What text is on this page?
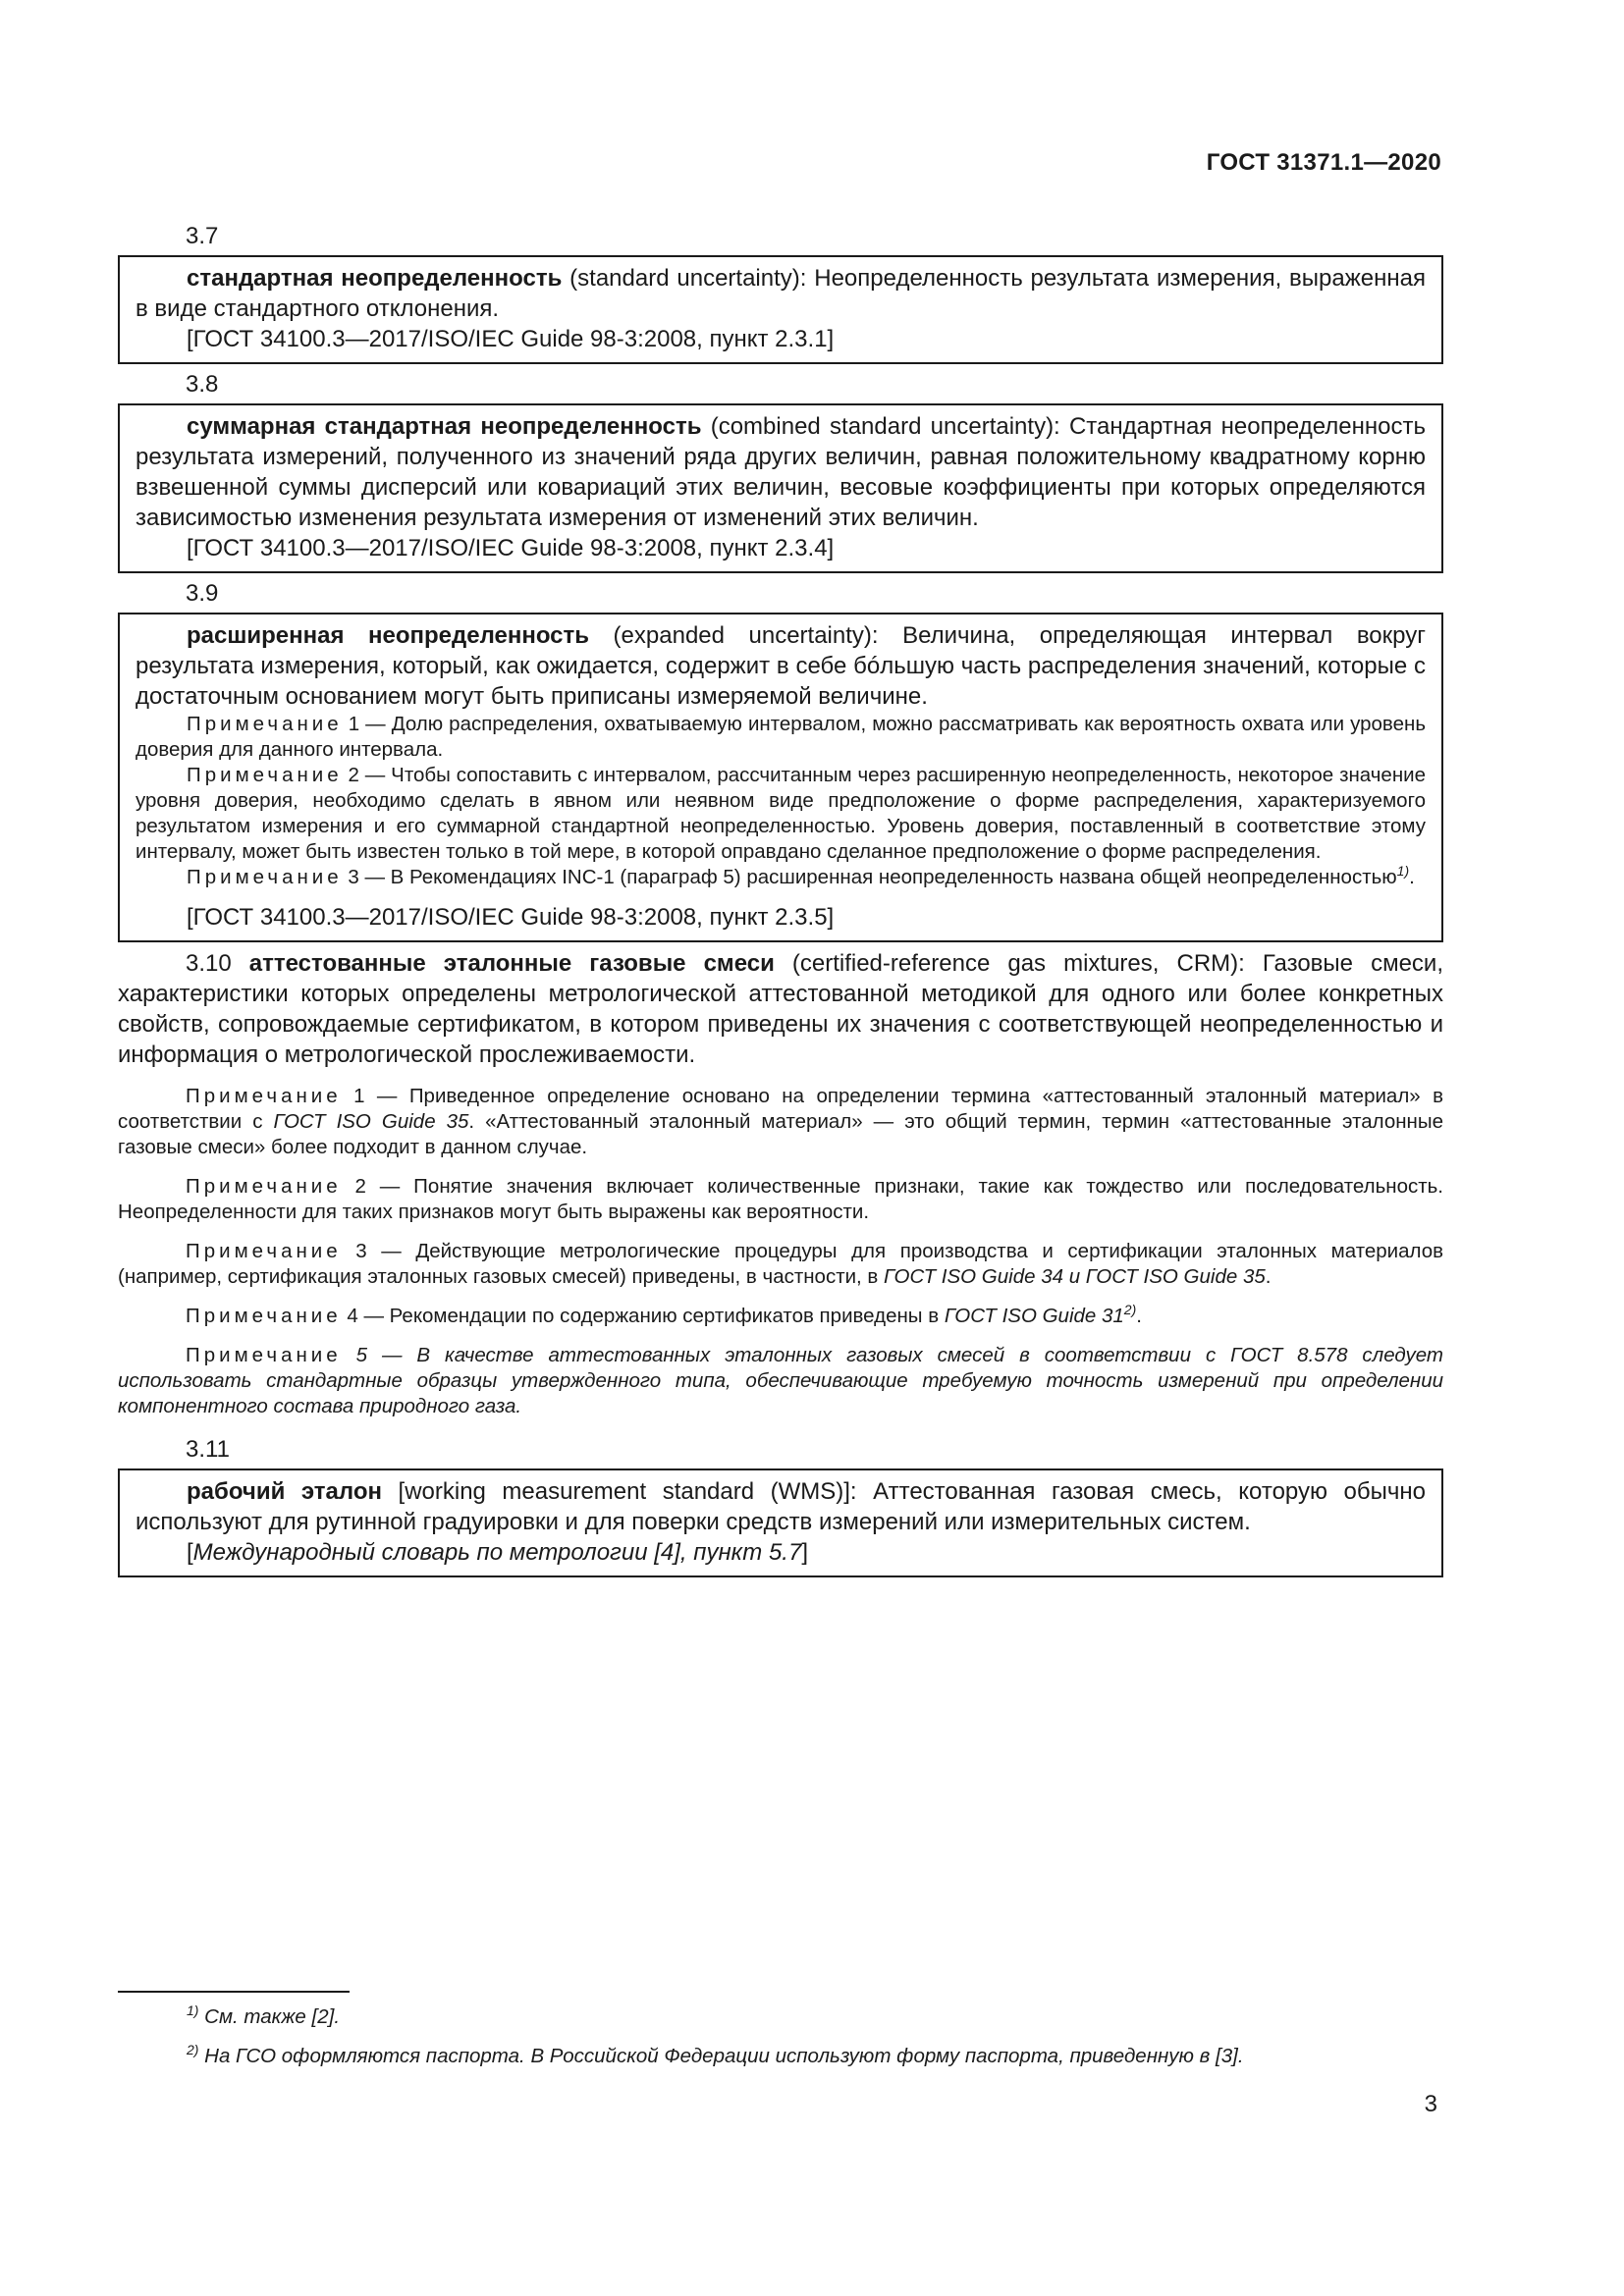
ГОСТ 31371.1—2020
3.7

стандартная неопределенность (standard uncertainty): Неопределенность результата измерения, выраженная в виде стандартного отклонения.

[ГОСТ 34100.3—2017/ISO/IEC Guide 98-3:2008, пункт 2.3.1]

3.8

суммарная стандартная неопределенность (combined standard uncertainty): Стандартная неопределенность результата измерений, полученного из значений ряда других величин, равная положительному квадратному корню взвешенной суммы дисперсий или ковариаций этих величин, весовые коэффициенты при которых определяются зависимостью изменения результата измерения от изменений этих величин.

[ГОСТ 34100.3—2017/ISO/IEC Guide 98-3:2008, пункт 2.3.4]

3.9

расширенная неопределенность (expanded uncertainty): Величина, определяющая интервал вокруг результата измерения, который, как ожидается, содержит в себе бóльшую часть распределения значений, которые с достаточным основанием могут быть приписаны измеряемой величине.

Примечание 1 — Долю распределения, охватываемую интервалом, можно рассматривать как вероятность охвата или уровень доверия для данного интервала.

Примечание 2 — Чтобы сопоставить с интервалом, рассчитанным через расширенную неопределенность, некоторое значение уровня доверия, необходимо сделать в явном или неявном виде предположение о форме распределения, характеризуемого результатом измерения и его суммарной стандартной неопределенностью. Уровень доверия, поставленный в соответствие этому интервалу, может быть известен только в той мере, в которой оправдано сделанное предположение о форме распределения.

Примечание 3 — В Рекомендациях INC-1 (параграф 5) расширенная неопределенность названа общей неопределенностью$^{1)}$.

[ГОСТ 34100.3—2017/ISO/IEC Guide 98-3:2008, пункт 2.3.5]

3.10 аттестованные эталонные газовые смеси (certified-reference gas mixtures, CRM): Газовые смеси, характеристики которых определены метрологической аттестованной методикой для одного или более конкретных свойств, сопровождаемые сертификатом, в котором приведены их значения с соответствующей неопределенностью и информация о метрологической прослеживаемости.

Примечание 1 — Приведенное определение основано на определении термина «аттестованный эталонный материал» в соответствии с ГОСТ ISO Guide 35. «Аттестованный эталонный материал» — это общий термин, термин «аттестованные эталонные газовые смеси» более подходит в данном случае.

Примечание 2 — Понятие значения включает количественные признаки, такие как тождество или последовательность. Неопределенности для таких признаков могут быть выражены как вероятности.

Примечание 3 — Действующие метрологические процедуры для производства и сертификации эталонных материалов (например, сертификация эталонных газовых смесей) приведены, в частности, в ГОСТ ISO Guide 34 и ГОСТ ISO Guide 35.

Примечание 4 — Рекомендации по содержанию сертификатов приведены в ГОСТ ISO Guide 31$^{2)}$.

Примечание 5 — В качестве аттестованных эталонных газовых смесей в соответствии с ГОСТ 8.578 следует использовать стандартные образцы утвержденного типа, обеспечивающие требуемую точность измерений при определении компонентного состава природного газа.

3.11

рабочий эталон [working measurement standard (WMS)]: Аттестованная газовая смесь, которую обычно используют для рутинной градуировки и для поверки средств измерений или измерительных систем.

[Международный словарь по метрологии [4], пункт 5.7]

$^{1)}$ См. также [2].

$^{2)}$ На ГСО оформляются паспорта. В Российской Федерации используют форму паспорта, приведенную в [3].

3
